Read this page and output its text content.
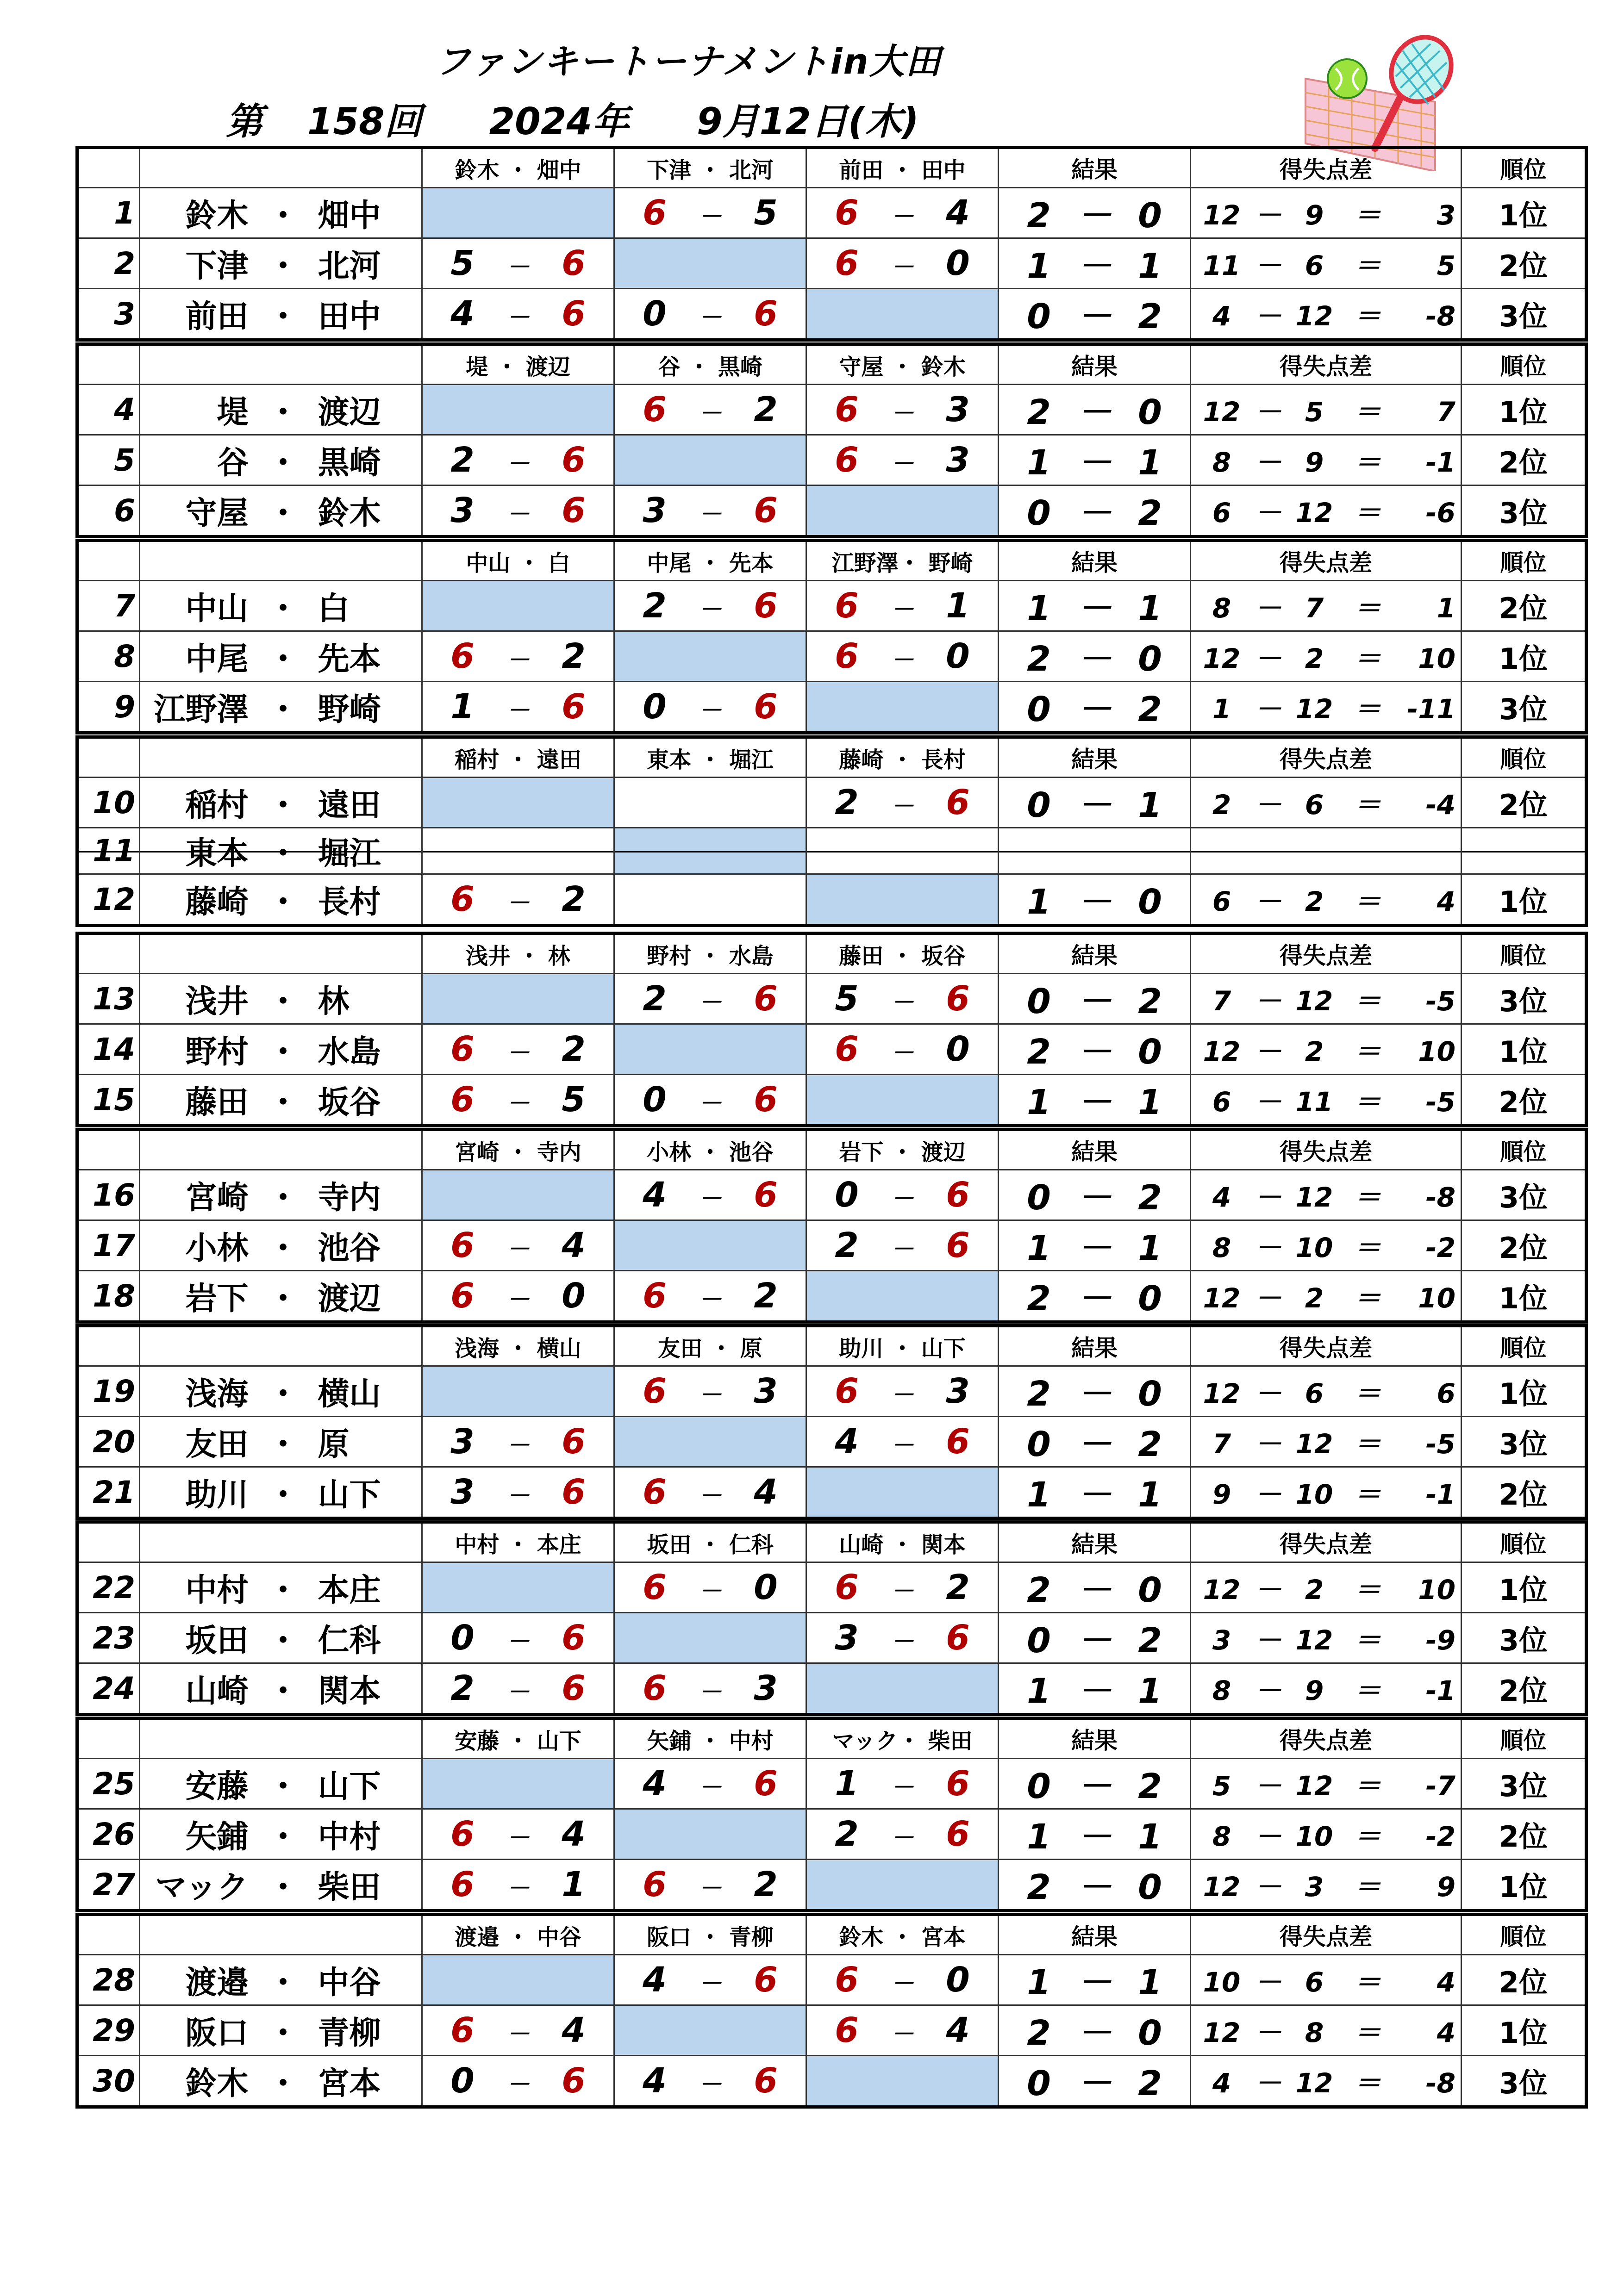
ファンキートーナメントin大田
第 158回 2024年 9月12日(木)
		鈴木 ・ 畑中	下津 ・ 北河	前田 ・ 田中	結果	得失点差	順位
1	鈴木 ・ 畑中		6 － 5	6 － 4	2 － 0	12 － 9 ＝ 3	1位
2	下津 ・ 北河	5 － 6		6 － 0	1 － 1	11 － 6 ＝ 5	2位
3	前田 ・ 田中	4 － 6	0 － 6		0 － 2	4 － 12 ＝ -8	3位
		堤 ・ 渡辺	谷 ・ 黒崎	守屋 ・ 鈴木	結果	得失点差	順位
4	堤 ・ 渡辺		6 － 2	6 － 3	2 － 0	12 － 5 ＝ 7	1位
5	谷 ・ 黒崎	2 － 6		6 － 3	1 － 1	8 － 9 ＝ -1	2位
6	守屋 ・ 鈴木	3 － 6	3 － 6		0 － 2	6 － 12 ＝ -6	3位
		中山 ・ 白	中尾 ・ 先本	江野澤・ 野崎	結果	得失点差	順位
7	中山 ・ 白		2 － 6	6 － 1	1 － 1	8 － 7 ＝ 1	2位
8	中尾 ・ 先本	6 － 2		6 － 0	2 － 0	12 － 2 ＝ 10	1位
9	江野澤 ・ 野崎	1 － 6	0 － 6		0 － 2	1 － 12 ＝ -11	3位
		稲村 ・ 遠田	東本 ・ 堀江	藤崎 ・ 長村	結果	得失点差	順位
10	稲村 ・ 遠田			2 － 6	0 － 1	2 － 6 ＝ -4	2位
11	東本 ・ 堀江						
12	藤崎 ・ 長村	6 － 2			1 － 0	6 － 2 ＝ 4	1位
		浅井 ・ 林	野村 ・ 水島	藤田 ・ 坂谷	結果	得失点差	順位
13	浅井 ・ 林		2 － 6	5 － 6	0 － 2	7 － 12 ＝ -5	3位
14	野村 ・ 水島	6 － 2		6 － 0	2 － 0	12 － 2 ＝ 10	1位
15	藤田 ・ 坂谷	6 － 5	0 － 6		1 － 1	6 － 11 ＝ -5	2位
		宮崎 ・ 寺内	小林 ・ 池谷	岩下 ・ 渡辺	結果	得失点差	順位
16	宮崎 ・ 寺内		4 － 6	0 － 6	0 － 2	4 － 12 ＝ -8	3位
17	小林 ・ 池谷	6 － 4		2 － 6	1 － 1	8 － 10 ＝ -2	2位
18	岩下 ・ 渡辺	6 － 0	6 － 2		2 － 0	12 － 2 ＝ 10	1位
		浅海 ・ 横山	友田 ・ 原	助川 ・ 山下	結果	得失点差	順位
19	浅海 ・ 横山		6 － 3	6 － 3	2 － 0	12 － 6 ＝ 6	1位
20	友田 ・ 原	3 － 6		4 － 6	0 － 2	7 － 12 ＝ -5	3位
21	助川 ・ 山下	3 － 6	6 － 4		1 － 1	9 － 10 ＝ -1	2位
		中村 ・ 本庄	坂田 ・ 仁科	山崎 ・ 関本	結果	得失点差	順位
22	中村 ・ 本庄		6 － 0	6 － 2	2 － 0	12 － 2 ＝ 10	1位
23	坂田 ・ 仁科	0 － 6		3 － 6	0 － 2	3 － 12 ＝ -9	3位
24	山崎 ・ 関本	2 － 6	6 － 3		1 － 1	8 － 9 ＝ -1	2位
		安藤 ・ 山下	矢鋪 ・ 中村	マック・ 柴田	結果	得失点差	順位
25	安藤 ・ 山下		4 － 6	1 － 6	0 － 2	5 － 12 ＝ -7	3位
26	矢鋪 ・ 中村	6 － 4		2 － 6	1 － 1	8 － 10 ＝ -2	2位
27	マック ・ 柴田	6 － 1	6 － 2		2 － 0	12 － 3 ＝ 9	1位
		渡邉 ・ 中谷	阪口 ・ 青柳	鈴木 ・ 宮本	結果	得失点差	順位
28	渡邉 ・ 中谷		4 － 6	6 － 0	1 － 1	10 － 6 ＝ 4	2位
29	阪口 ・ 青柳	6 － 4		6 － 4	2 － 0	12 － 8 ＝ 4	1位
30	鈴木 ・ 宮本	0 － 6	4 － 6		0 － 2	4 － 12 ＝ -8	3位
